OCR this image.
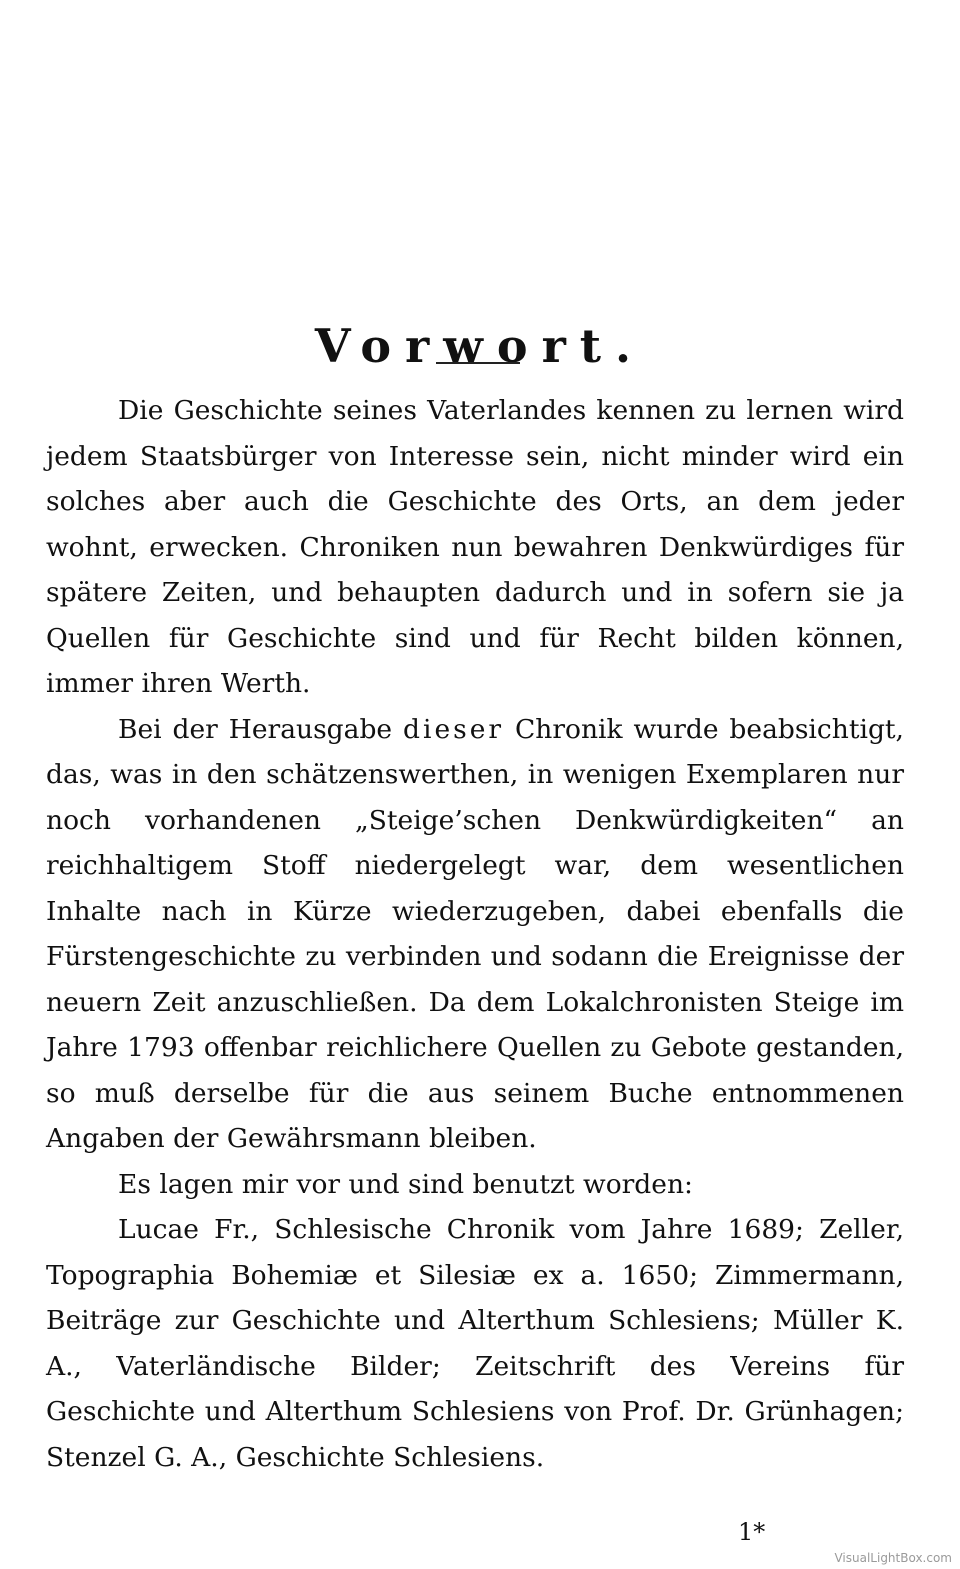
Vorwort.

Die Geschichte seines Vaterlandes kennen zu lernen wird jedem Staatsbürger von Interesse sein, nicht minder wird ein solches aber auch die Geschichte des Orts, an dem jeder wohnt, erwecken. Chroniken nun bewahren Denkwürdiges für spätere Zeiten, und behaupten dadurch und in sofern sie ja Quellen für Geschichte sind und für Recht bilden können, immer ihren Werth.

Bei der Herausgabe dieser Chronik wurde beabsichtigt, das, was in den schätzenswerthen, in wenigen Exemplaren nur noch vorhandenen „Steige’schen Denkwürdigkeiten“ an reichhaltigem Stoff niedergelegt war, dem wesentlichen Inhalte nach in Kürze wiederzugeben, dabei ebenfalls die Fürstengeschichte zu verbinden und sodann die Ereignisse der neuern Zeit anzuschließen. Da dem Lokalchronisten Steige im Jahre 1793 offenbar reichlichere Quellen zu Gebote gestanden, so muß derselbe für die aus seinem Buche entnommenen Angaben der Gewährsmann bleiben.

Es lagen mir vor und sind benutzt worden:

Lucae Fr., Schlesische Chronik vom Jahre 1689; Zeller, Topographia Bohemiæ et Silesiæ ex a. 1650; Zimmermann, Beiträge zur Geschichte und Alterthum Schlesiens; Müller K. A., Vaterländische Bilder; Zeitschrift des Vereins für Geschichte und Alterthum Schlesiens von Prof. Dr. Grünhagen; Stenzel G. A., Geschichte Schlesiens.

1*
VisualLightBox.com
